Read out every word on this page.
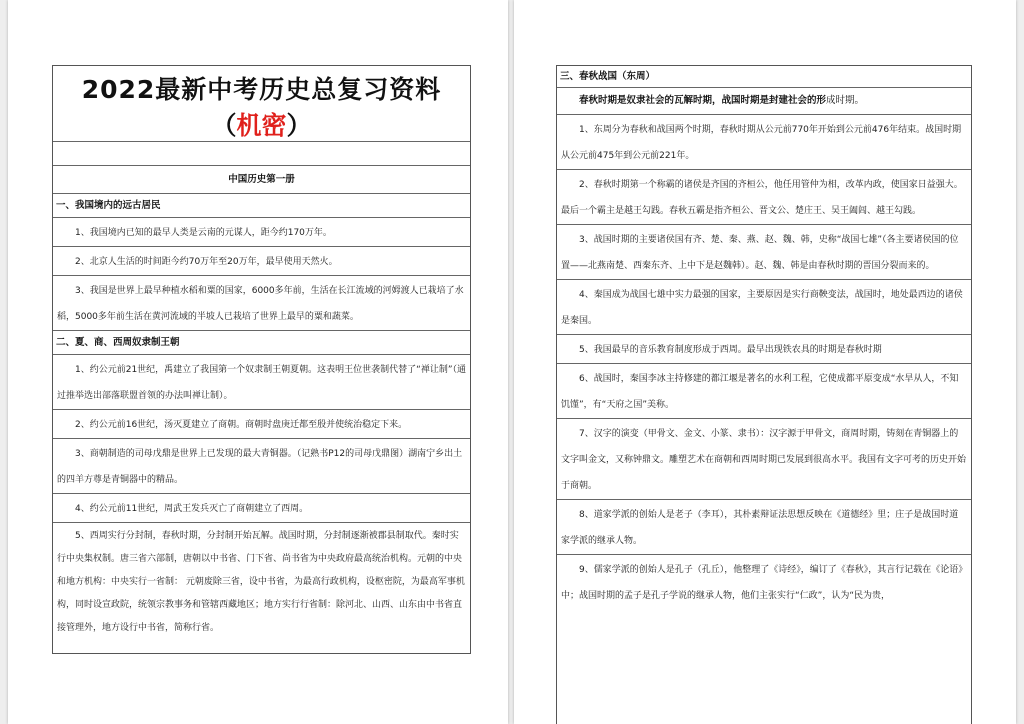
2022最新中考历史总复习资料
（机密）
中国历史第一册
一、我国境内的远古居民
1、我国境内已知的最早人类是云南的元谋人，距今约170万年。
2、北京人生活的时间距今约70万年至20万年，最早使用天然火。
3、我国是世界上最早种植水稻和粟的国家，6000多年前，生活在长江流域的河姆渡人已栽培了水稻，5000多年前生活在黄河流域的半坡人已栽培了世界上最早的粟和蔬菜。
二、夏、商、西周奴隶制王朝
1、约公元前21世纪，禹建立了我国第一个奴隶制王朝夏朝。这表明王位世袭制代替了“禅让制”（通过推举选出部落联盟首领的办法叫禅让制）。
2、约公元前16世纪，汤灭夏建立了商朝。商朝时盘庚迁都至殷并使统治稳定下来。
3、商朝制造的司母戊鼎是世界上已发现的最大青铜器。（记熟书P12的司母戊鼎图）湖南宁乡出土的四羊方尊是青铜器中的精品。
4、约公元前11世纪，周武王发兵灭亡了商朝建立了西周。
5、西周实行分封制，春秋时期，分封制开始瓦解。战国时期，分封制逐渐被郡县制取代。秦时实行中央集权制。唐三省六部制，唐朝以中书省、门下省、尚书省为中央政府最高统治机构。元朝的中央和地方机构：中央实行一省制： 元朝废除三省，设中书省，为最高行政机构，设枢密院，为最高军事机构，同时设宣政院，统领宗教事务和管辖西藏地区；地方实行行省制：除河北、山西、山东由中书省直接管理外，地方设行中书省，简称行省。
三、春秋战国（东周）
春秋时期是奴隶社会的瓦解时期，战国时期是封建社会的形成时期。
1、东周分为春秋和战国两个时期，春秋时期从公元前770年开始到公元前476年结束。战国时期从公元前475年到公元前221年。
2、春秋时期第一个称霸的诸侯是齐国的齐桓公，他任用管仲为相，改革内政，使国家日益强大。最后一个霸主是越王勾践。春秋五霸是指齐桓公、晋文公、楚庄王、吴王阖闾、越王勾践。
3、战国时期的主要诸侯国有齐、楚、秦、燕、赵、魏、韩，史称“战国七雄”（各主要诸侯国的位置——北燕南楚、西秦东齐、上中下是赵魏韩）。赵、魏、韩是由春秋时期的晋国分裂而来的。
4、秦国成为战国七雄中实力最强的国家，主要原因是实行商鞅变法，战国时，地处最西边的诸侯是秦国。
5、我国最早的音乐教育制度形成于西周。最早出现铁农具的时期是春秋时期
6、战国时，秦国李冰主持修建的都江堰是著名的水利工程，它使成都平原变成“水旱从人，不知饥馑”，有“天府之国”美称。
7、汉字的演变（甲骨文、金文、小篆、隶书）：汉字源于甲骨文，商周时期，铸刻在青铜器上的文字叫金文，又称钟鼎文。雕塑艺术在商朝和西周时期已发展到很高水平。我国有文字可考的历史开始于商朝。
8、道家学派的创始人是老子（李耳），其朴素辩证法思想反映在《道德经》里；庄子是战国时道家学派的继承人物。
9、儒家学派的创始人是孔子（孔丘），他整理了《诗经》，编订了《春秋》，其言行记载在《论语》中；战国时期的孟子是孔子学说的继承人物，他们主张实行“仁政”，认为“民为贵，
